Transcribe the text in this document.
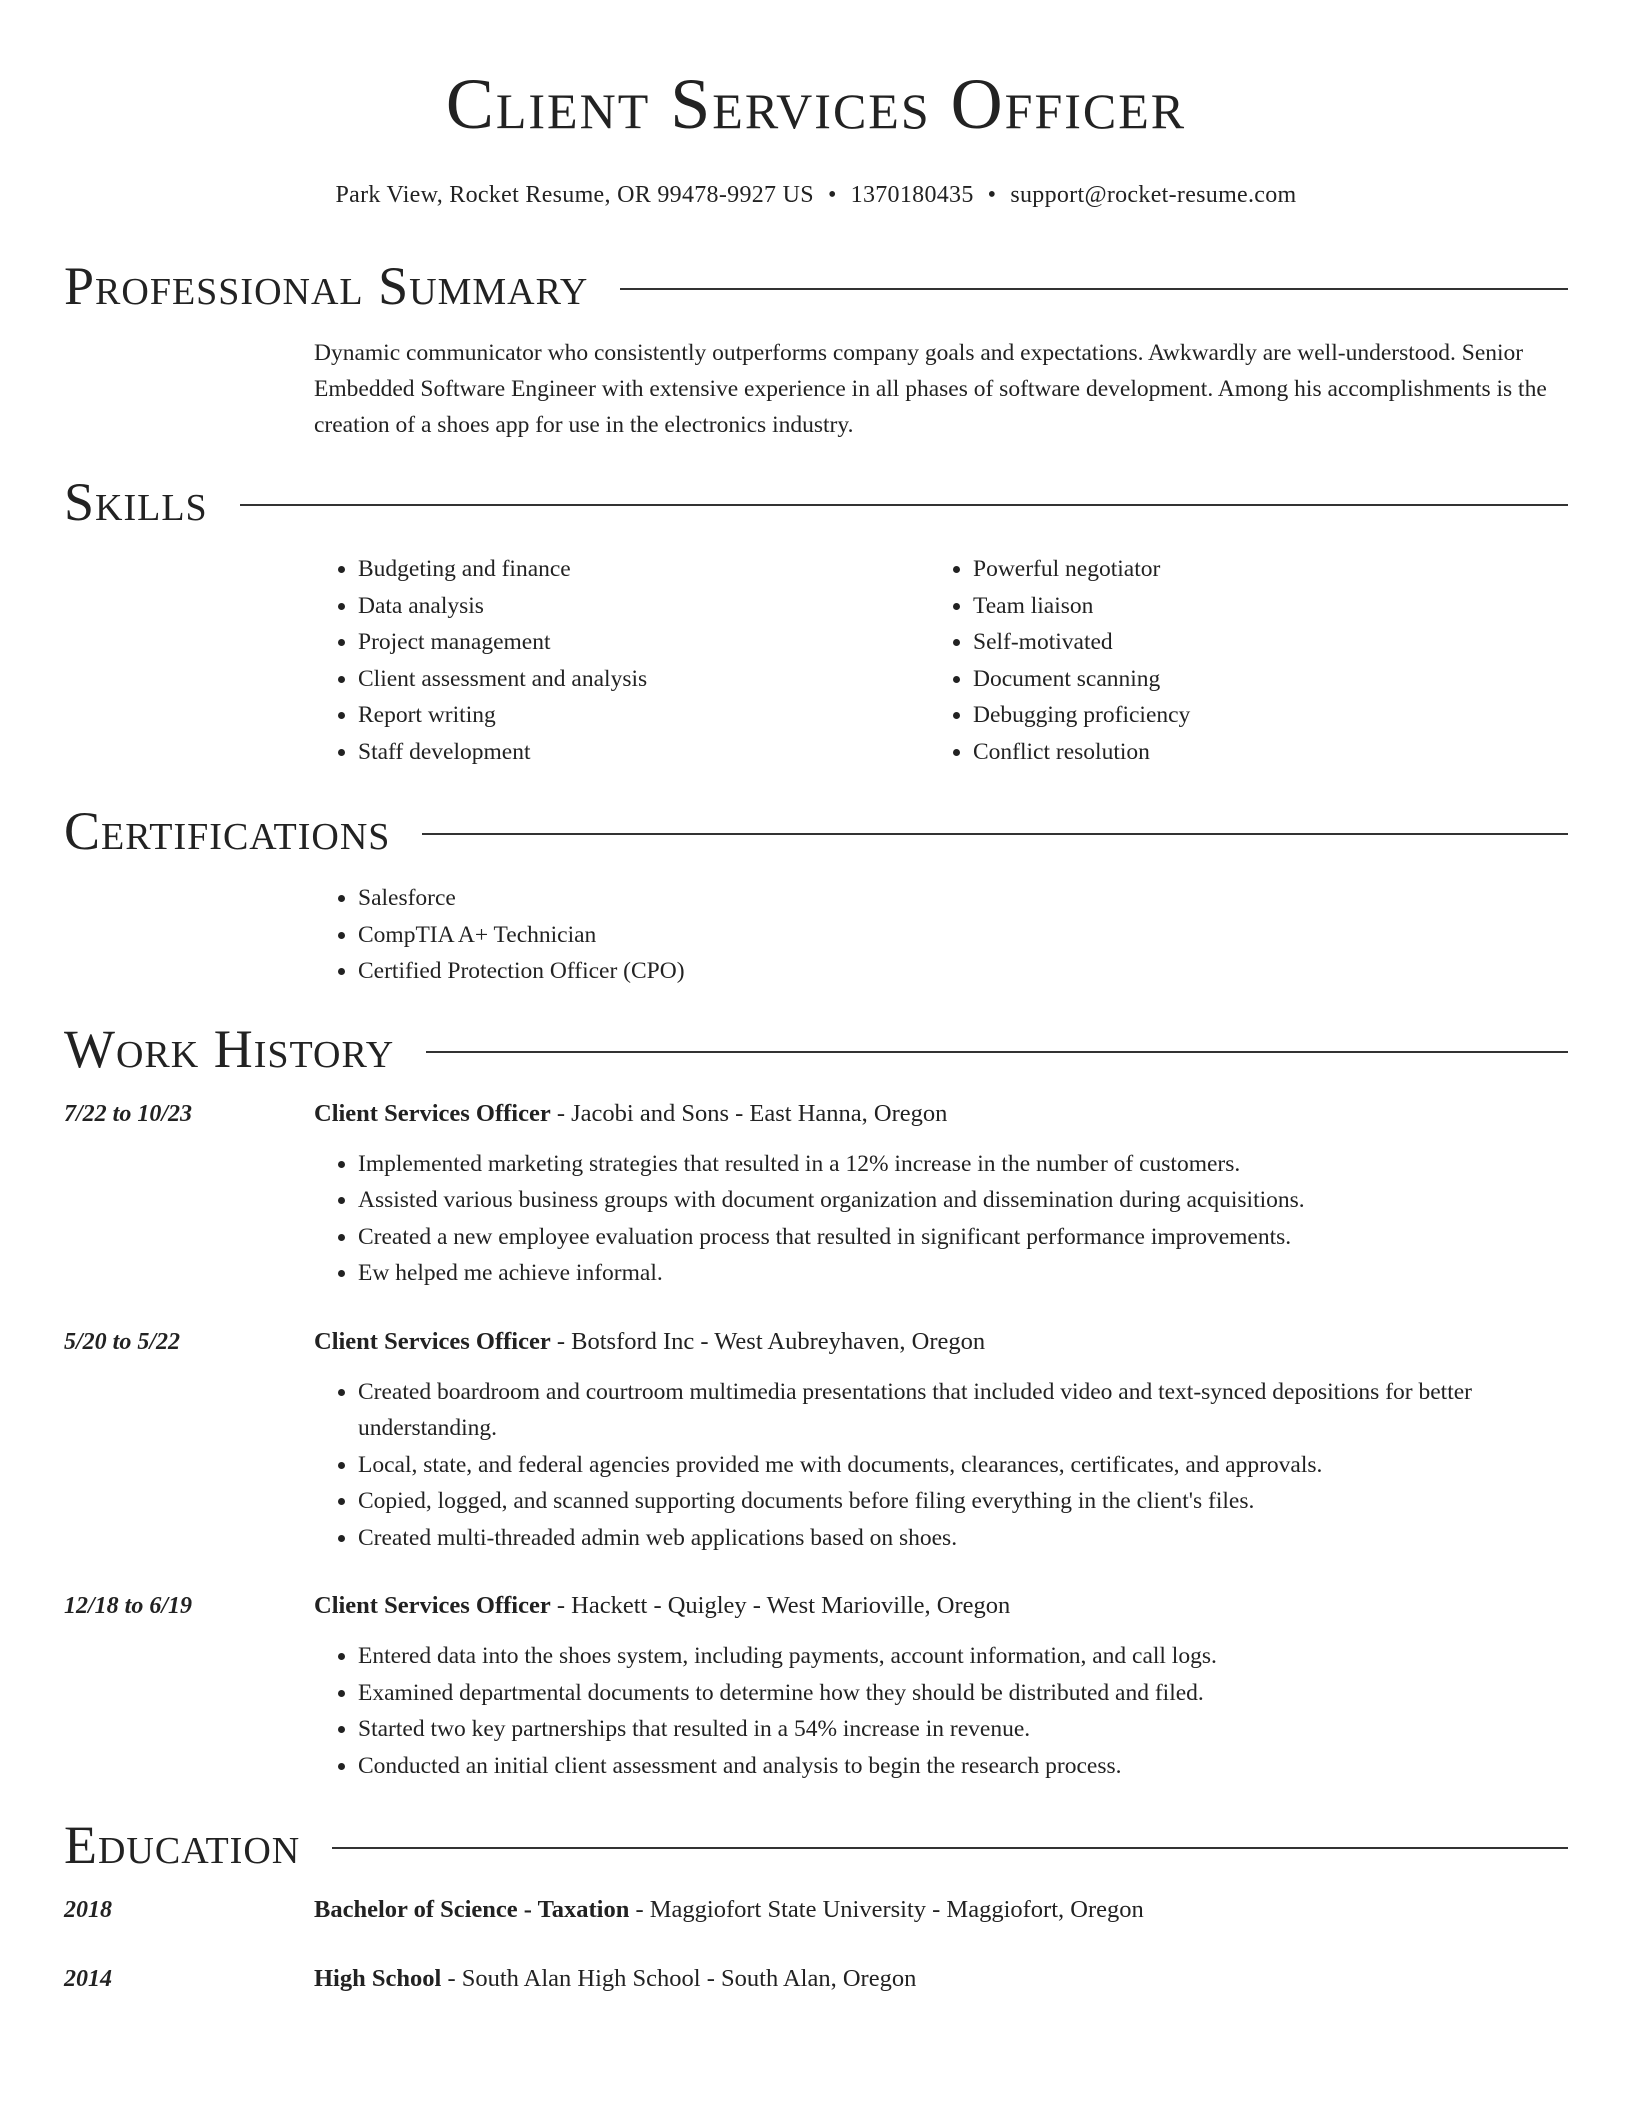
Client Services Officer
Park View, Rocket Resume, OR 99478-9927 US • 1370180435 • support@rocket-resume.com
Professional Summary

Dynamic communicator who consistently outperforms company goals and expectations. Awkwardly are well-understood. Senior Embedded Software Engineer with extensive experience in all phases of software development. Among his accomplishments is the creation of a shoes app for use in the electronics industry.

Skills
• Budgeting and finance
• Data analysis
• Project management
• Client assessment and analysis
• Report writing
• Staff development
• Powerful negotiator
• Team liaison
• Self-motivated
• Document scanning
• Debugging proficiency
• Conflict resolution
Certifications
• Salesforce
• CompTIA A+ Technician
• Certified Protection Officer (CPO)
Work History
7/22 to 10/23	Client Services Officer - Jacobi and Sons - East Hanna, Oregon
• Implemented marketing strategies that resulted in a 12% increase in the number of customers.
• Assisted various business groups with document organization and dissemination during acquisitions.
• Created a new employee evaluation process that resulted in significant performance improvements.
• Ew helped me achieve informal.
5/20 to 5/22	Client Services Officer - Botsford Inc - West Aubreyhaven, Oregon
• Created boardroom and courtroom multimedia presentations that included video and text-synced depositions for better understanding.
• Local, state, and federal agencies provided me with documents, clearances, certificates, and approvals.
• Copied, logged, and scanned supporting documents before filing everything in the client's files.
• Created multi-threaded admin web applications based on shoes.
12/18 to 6/19	Client Services Officer - Hackett - Quigley - West Marioville, Oregon
• Entered data into the shoes system, including payments, account information, and call logs.
• Examined departmental documents to determine how they should be distributed and filed.
• Started two key partnerships that resulted in a 54% increase in revenue.
• Conducted an initial client assessment and analysis to begin the research process.
Education
2018	Bachelor of Science - Taxation - Maggiofort State University - Maggiofort, Oregon
2014	High School - South Alan High School - South Alan, Oregon
